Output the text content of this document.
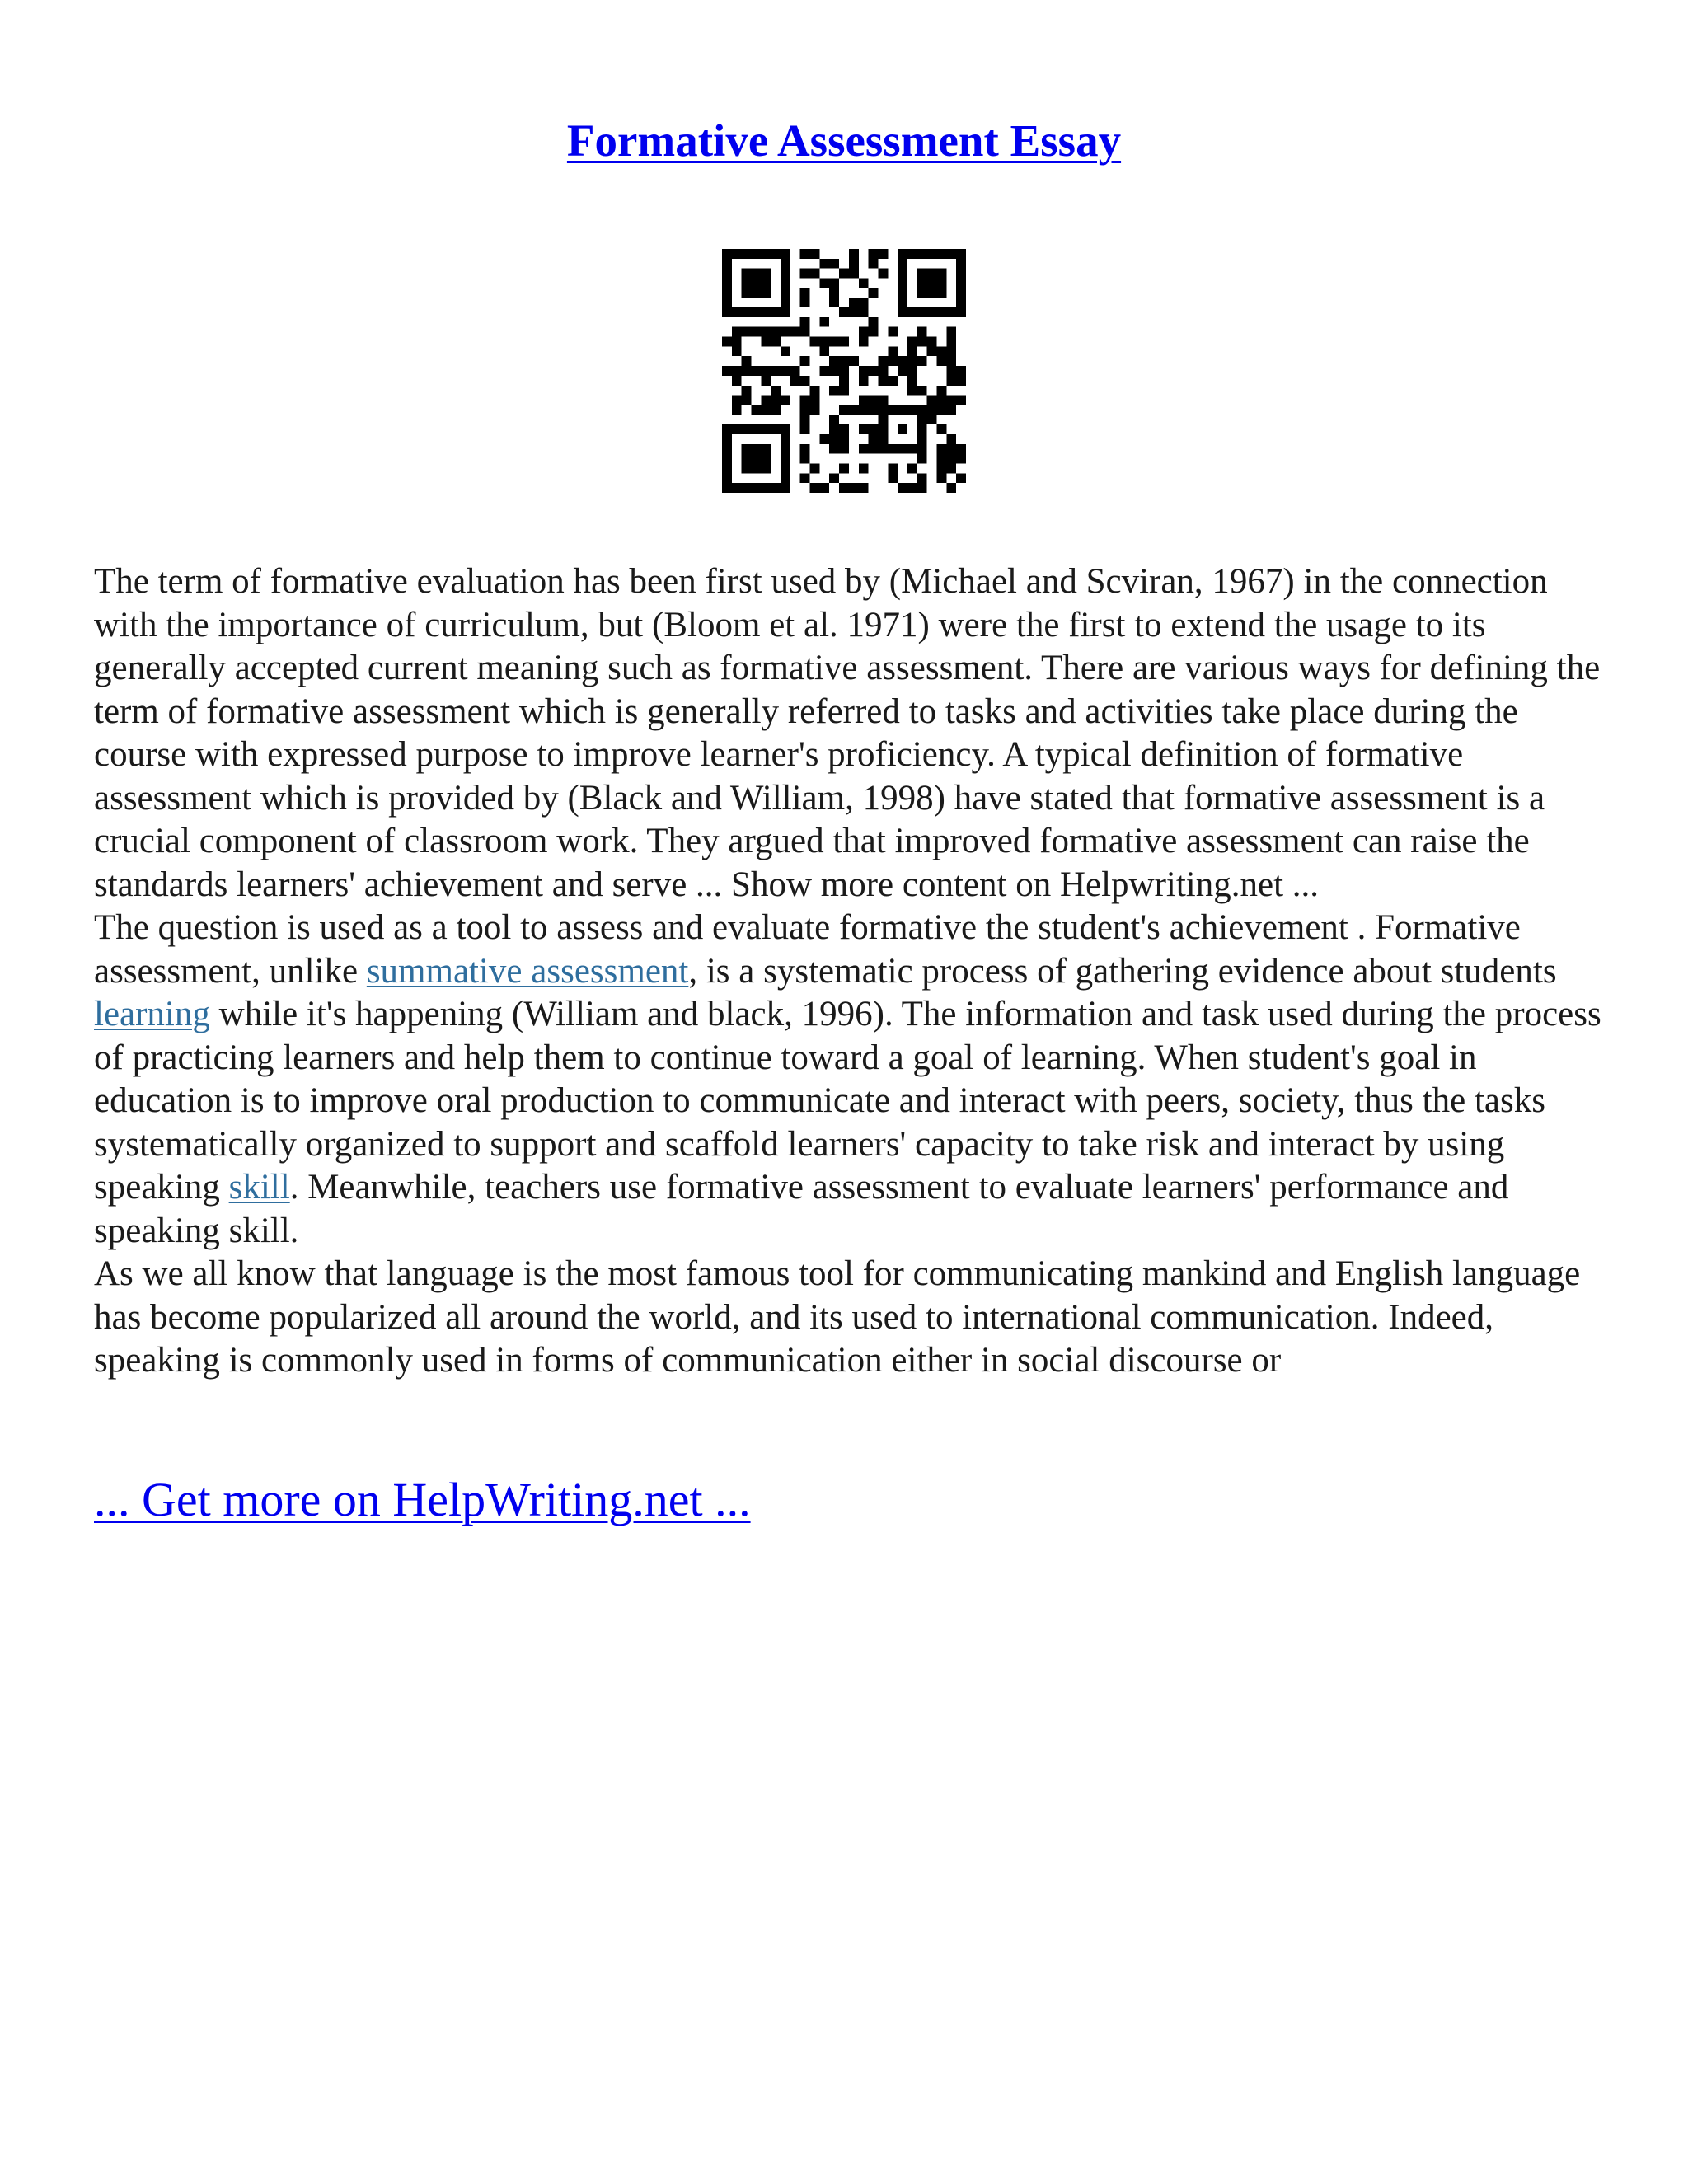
Formative Assessment Essay

The term of formative evaluation has been first used by (Michael and Scviran, 1967) in the connection with the importance of curriculum, but (Bloom et al. 1971) were the first to extend the usage to its generally accepted current meaning such as formative assessment. There are various ways for defining the term of formative assessment which is generally referred to tasks and activities take place during the course with expressed purpose to improve learner's proficiency. A typical definition of formative assessment which is provided by (Black and William, 1998) have stated that formative assessment is a crucial component of classroom work. They argued that improved formative assessment can raise the standards learners' achievement and serve ... Show more content on Helpwriting.net ...

The question is used as a tool to assess and evaluate formative the student's achievement . Formative assessment, unlike summative assessment, is a systematic process of gathering evidence about students learning while it's happening (William and black, 1996). The information and task used during the process of practicing learners and help them to continue toward a goal of learning. When student's goal in education is to improve oral production to communicate and interact with peers, society, thus the tasks systematically organized to support and scaffold learners' capacity to take risk and interact by using speaking skill. Meanwhile, teachers use formative assessment to evaluate learners' performance and speaking skill.

As we all know that language is the most famous tool for communicating mankind and English language has become popularized all around the world, and its used to international communication. Indeed, speaking is commonly used in forms of communication either in social discourse or

... Get more on HelpWriting.net ...
